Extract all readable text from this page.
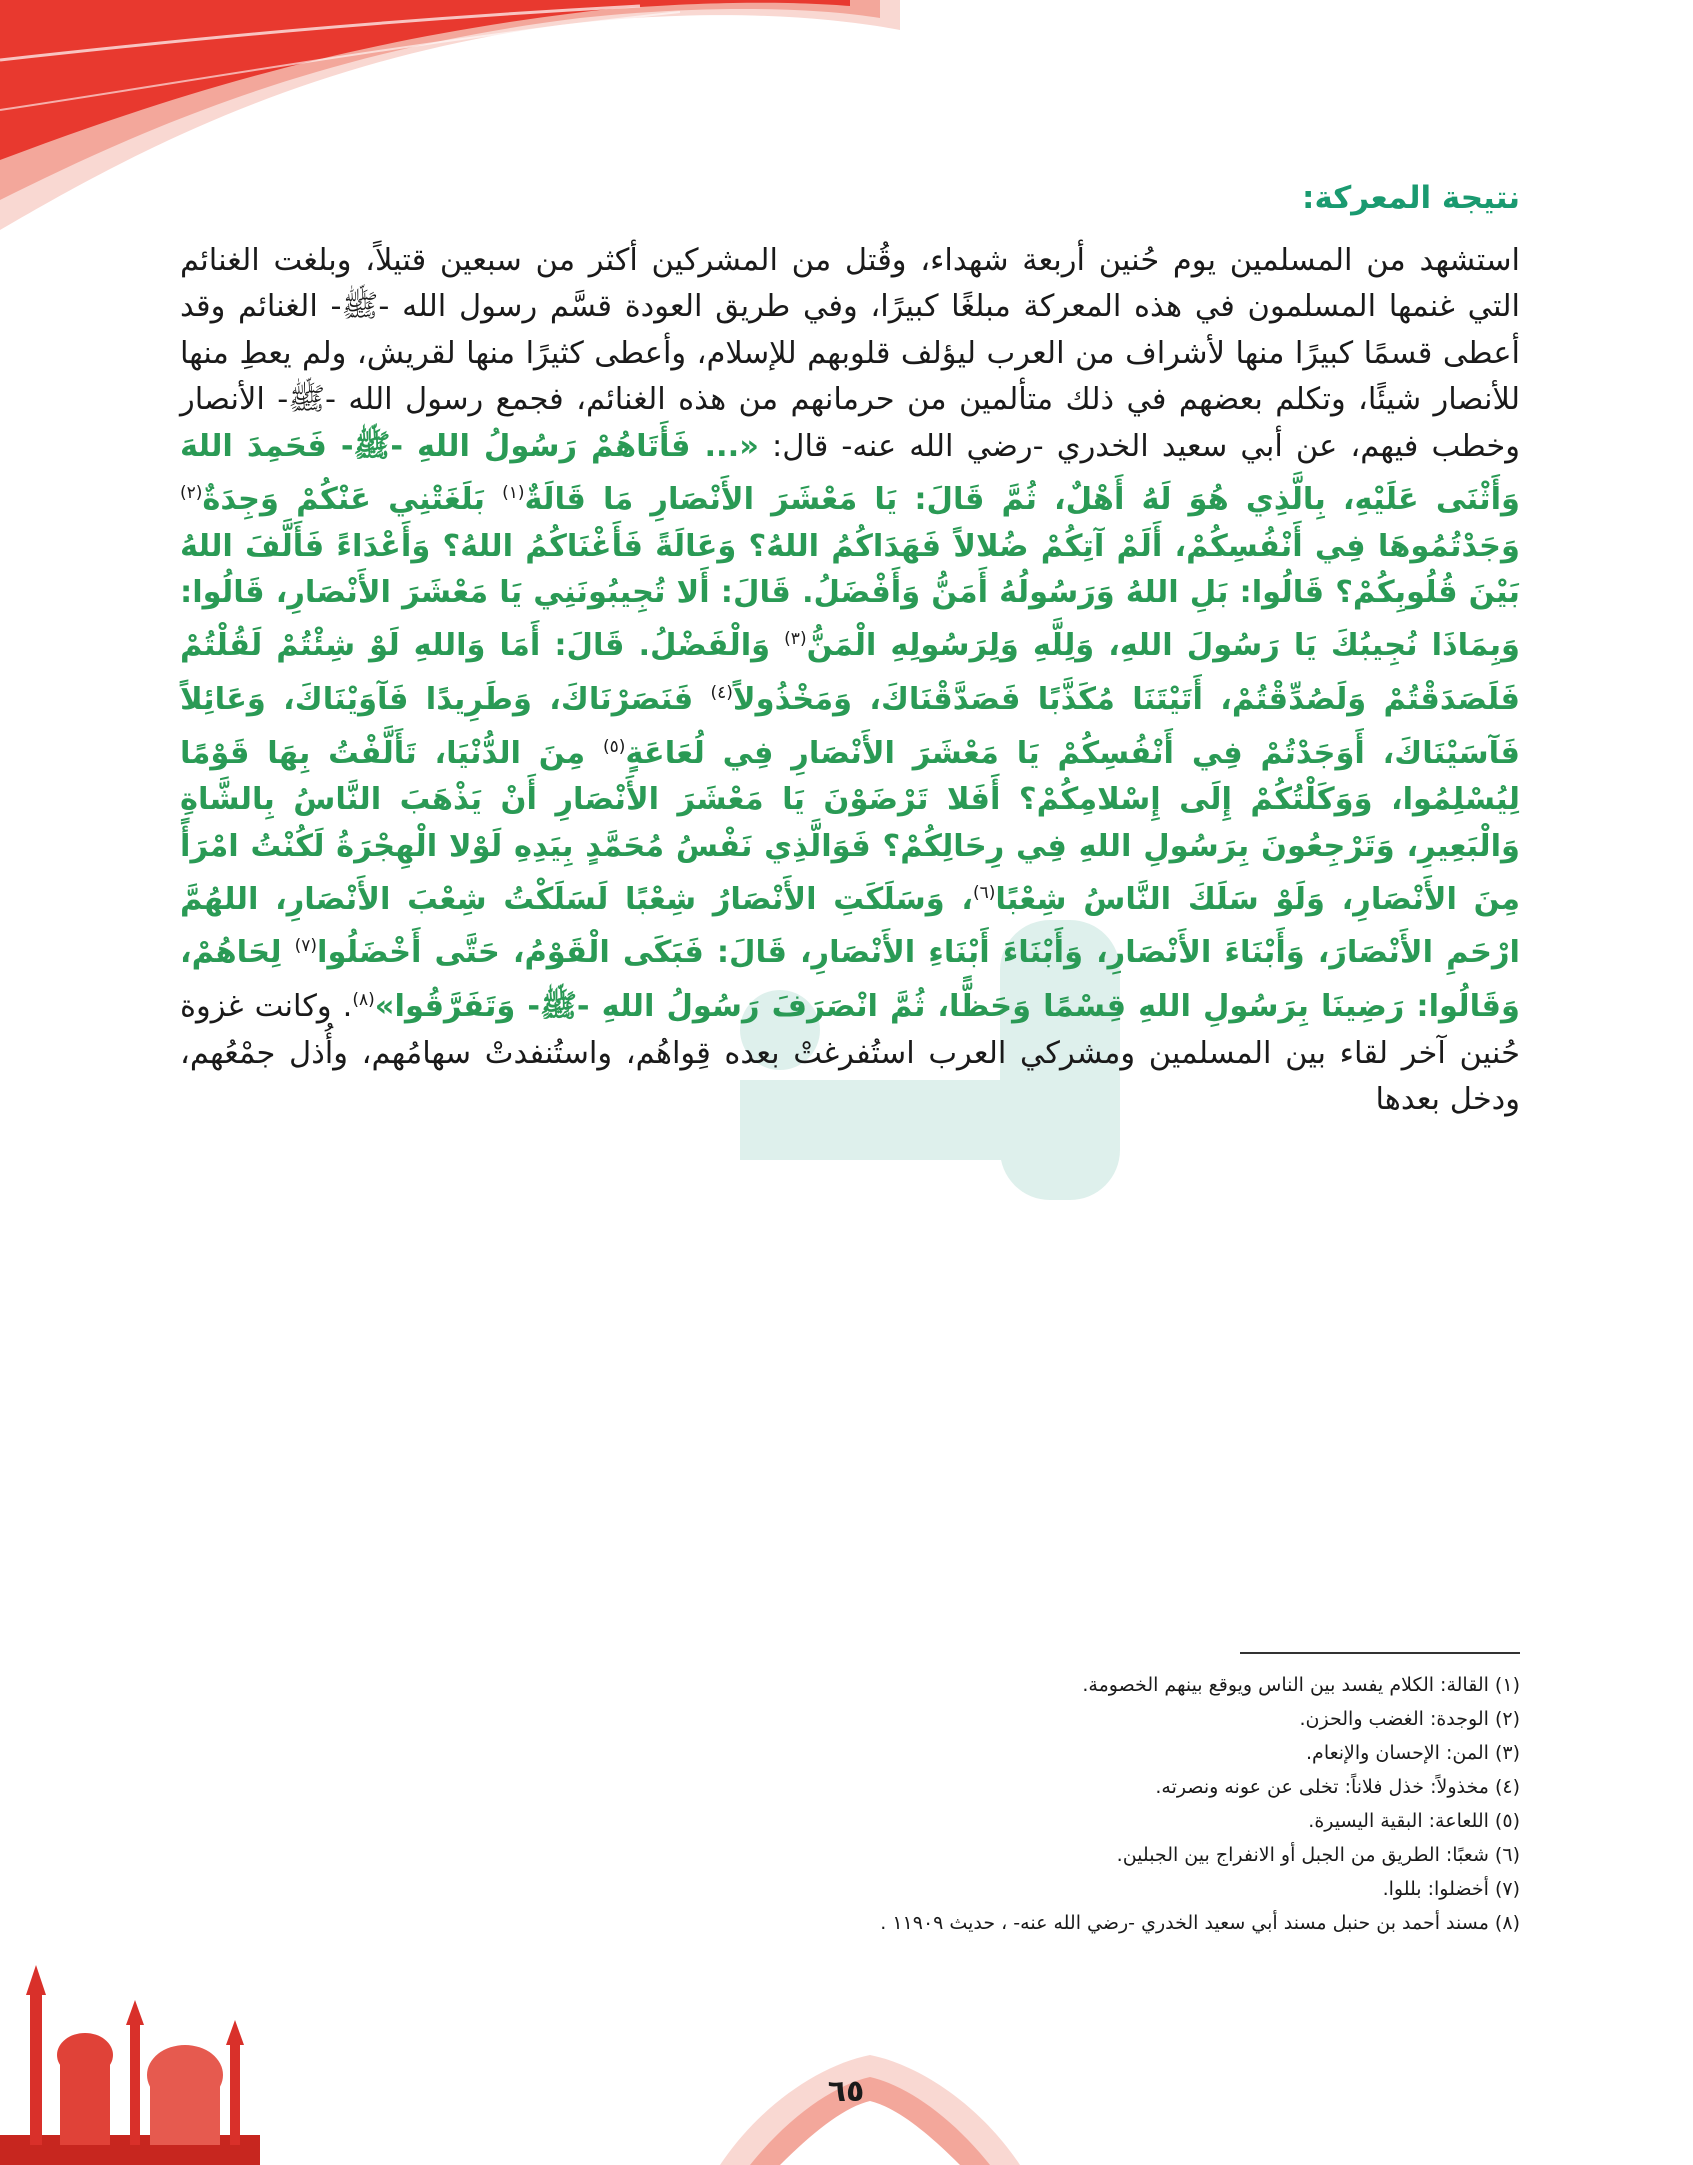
نتيجة المعركة:

استشهد من المسلمين يوم حُنين أربعة شهداء، وقُتل من المشركين أكثر من سبعين قتيلاً، وبلغت الغنائم التي غنمها المسلمون في هذه المعركة مبلغًا كبيرًا، وفي طريق العودة قسَّم رسول الله -ﷺ- الغنائم وقد أعطى قسمًا كبيرًا منها لأشراف من العرب ليؤلف قلوبهم للإسلام، وأعطى كثيرًا منها لقريش، ولم يعطِ منها للأنصار شيئًا، وتكلم بعضهم في ذلك متألمين من حرمانهم من هذه الغنائم، فجمع رسول الله -ﷺ- الأنصار وخطب فيهم، عن أبي سعيد الخدري -رضي الله عنه- قال: «... فَأَتَاهُمْ رَسُولُ اللهِ -ﷺ- فَحَمِدَ اللهَ وَأَثْنَى عَلَيْهِ، بِالَّذِي هُوَ لَهُ أَهْلٌ، ثُمَّ قَالَ: يَا مَعْشَرَ الأَنْصَارِ مَا قَالَةٌ$^{(١)}$ بَلَغَتْنِي عَنْكُمْ وَجِدَةٌ$^{(٢)}$ وَجَدْتُمُوهَا فِي أَنْفُسِكُمْ، أَلَمْ آتِكُمْ ضُلالاً فَهَدَاكُمُ اللهُ؟ وَعَالَةً فَأَغْنَاكُمُ اللهُ؟ وَأَعْدَاءً فَأَلَّفَ اللهُ بَيْنَ قُلُوبِكُمْ؟ قَالُوا: بَلِ اللهُ وَرَسُولُهُ أَمَنُّ وَأَفْضَلُ. قَالَ: أَلا تُجِيبُونَنِي يَا مَعْشَرَ الأَنْصَارِ، قَالُوا: وَبِمَاذَا نُجِيبُكَ يَا رَسُولَ اللهِ، وَلِلَّهِ وَلِرَسُولِهِ الْمَنُّ$^{(٣)}$ وَالْفَضْلُ. قَالَ: أَمَا وَاللهِ لَوْ شِئْتُمْ لَقُلْتُمْ فَلَصَدَقْتُمْ وَلَصُدِّقْتُمْ، أَتَيْتَنَا مُكَذَّبًا فَصَدَّقْنَاكَ، وَمَخْذُولاً$^{(٤)}$ فَنَصَرْنَاكَ، وَطَرِيدًا فَآوَيْنَاكَ، وَعَائِلاً فَآسَيْنَاكَ، أَوَجَدْتُمْ فِي أَنْفُسِكُمْ يَا مَعْشَرَ الأَنْصَارِ فِي لُعَاعَةٍ$^{(٥)}$ مِنَ الدُّنْيَا، تَأَلَّفْتُ بِهَا قَوْمًا لِيُسْلِمُوا، وَوَكَلْتُكُمْ إِلَى إِسْلامِكُمْ؟ أَفَلا تَرْضَوْنَ يَا مَعْشَرَ الأَنْصَارِ أَنْ يَذْهَبَ النَّاسُ بِالشَّاةِ وَالْبَعِيرِ، وَتَرْجِعُونَ بِرَسُولِ اللهِ فِي رِحَالِكُمْ؟ فَوَالَّذِي نَفْسُ مُحَمَّدٍ بِيَدِهِ لَوْلا الْهِجْرَةُ لَكُنْتُ امْرَأً مِنَ الأَنْصَارِ، وَلَوْ سَلَكَ النَّاسُ شِعْبًا$^{(٦)}$، وَسَلَكَتِ الأَنْصَارُ شِعْبًا لَسَلَكْتُ شِعْبَ الأَنْصَارِ، اللهُمَّ ارْحَمِ الأَنْصَارَ، وَأَبْنَاءَ الأَنْصَارِ، وَأَبْنَاءَ أَبْنَاءِ الأَنْصَارِ، قَالَ: فَبَكَى الْقَوْمُ، حَتَّى أَخْضَلُوا$^{(٧)}$ لِحَاهُمْ، وَقَالُوا: رَضِينَا بِرَسُولِ اللهِ قِسْمًا وَحَظًّا، ثُمَّ انْصَرَفَ رَسُولُ اللهِ -ﷺ- وَتَفَرَّقُوا»$^{(٨)}$. وكانت غزوة حُنين آخر لقاء بين المسلمين ومشركي العرب استُفرغتْ بعده قِواهُم، واستُنفدتْ سهامُهم، وأُذل جمْعُهم، ودخل بعدها

(١) القالة: الكلام يفسد بين الناس ويوقع بينهم الخصومة.

(٢) الوجدة: الغضب والحزن.

(٣) المن: الإحسان والإنعام.

(٤) مخذولاً: خذل فلاناً: تخلى عن عونه ونصرته.

(٥) اللعاعة: البقية اليسيرة.

(٦) شعبًا: الطريق من الجبل أو الانفراج بين الجبلين.

(٧) أخضلوا: بللوا.

(٨) مسند أحمد بن حنبل مسند أبي سعيد الخدري -رضي الله عنه- ، حديث ١١٩٠٩ .

٦٥
